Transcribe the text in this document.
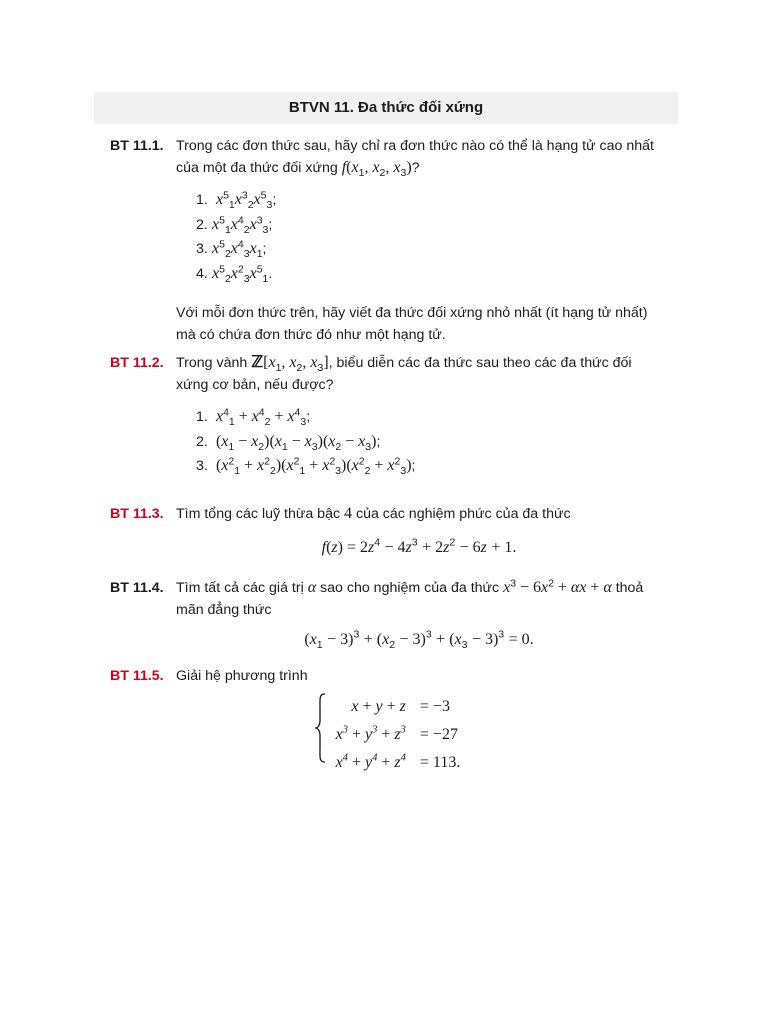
BTVN 11. Đa thức đối xứng
BT 11.1. Trong các đơn thức sau, hãy chỉ ra đơn thức nào có thể là hạng tử cao nhất của một đa thức đối xứng $f(x_1$, $x_2$, $x_3$)?
1. $x^5_1x^3_2x^5_3$;
2. $x^5_1x^4_2x^3_3$;
3. $x^5_2x^4_3x_1$;
4. $x^5_2x^2_3x^5_1$.
Với mỗi đơn thức trên, hãy viết đa thức đối xứng nhỏ nhất (ít hạng tử nhất) mà có chứa đơn thức đó như một hạng tử.
BT 11.2. Trong vành $ℤ[x_1$, $x_2$, $x_3$], biểu diễn các đa thức sau theo các đa thức đối xứng cơ bản, nếu được?
1. $x^4_1 + x^4_2 + x^4_3$;
2. $(x_1 - x_2)(x_1 - x_3)(x_2 - x_3)$;
3. $(x^2_1 + x^2_2)(x^2_1 + x^2_3)(x^2_2 + x^2_3)$;
BT 11.3. Tìm tổng các luỹ thừa bậc 4 của các nghiệm phức của đa thức
$f(z) = 2z^4 - 4z^3 + 2z^2 - 6z + 1$.
BT 11.4. Tìm tất cả các giá trị α sao cho nghiệm của đa thức $x^3 - 6x^2 + \alpha x + \alpha$ thoả mãn đẳng thức
$(x_1 - 3)^3 + (x_2 - 3)^3 + (x_3 - 3)^3 = 0$.
BT 11.5. Giải hệ phương trình
x + y + z	= −3
$x^3 + y^3 + z^3$	= −27
$x^4 + y^4 + z^4$	= 113.
